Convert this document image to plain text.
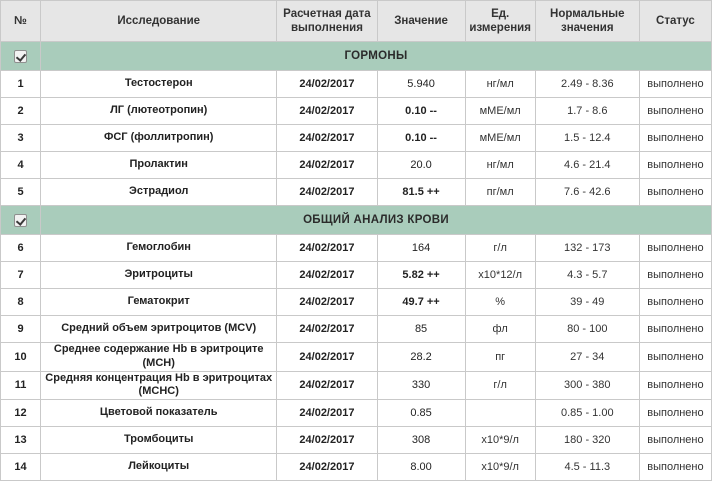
№	Исследование	Расчетная дата выполнения	Значение	Ед. измерения	Нормальные значения	Статус
	ГОРМОНЫ					
1	Тестостерон	24/02/2017	5.940	нг/мл	2.49 - 8.36	выполнено
2	ЛГ (лютеотропин)	24/02/2017	0.10 --	мМЕ/мл	1.7 - 8.6	выполнено
3	ФСГ (фоллитропин)	24/02/2017	0.10 --	мМЕ/мл	1.5 - 12.4	выполнено
4	Пролактин	24/02/2017	20.0	нг/мл	4.6 - 21.4	выполнено
5	Эстрадиол	24/02/2017	81.5 ++	пг/мл	7.6 - 42.6	выполнено
	ОБЩИЙ АНАЛИЗ КРОВИ					
6	Гемоглобин	24/02/2017	164	г/л	132 - 173	выполнено
7	Эритроциты	24/02/2017	5.82 ++	х10*12/л	4.3 - 5.7	выполнено
8	Гематокрит	24/02/2017	49.7 ++	%	39 - 49	выполнено
9	Средний объем эритроцитов (MCV)	24/02/2017	85	фл	80 - 100	выполнено
10	Среднее содержание Hb в эритроците (MCH)	24/02/2017	28.2	пг	27 - 34	выполнено
11	Средняя концентрация Hb в эритроцитах (MCHC)	24/02/2017	330	г/л	300 - 380	выполнено
12	Цветовой показатель	24/02/2017	0.85		0.85 - 1.00	выполнено
13	Тромбоциты	24/02/2017	308	х10*9/л	180 - 320	выполнено
14	Лейкоциты	24/02/2017	8.00	х10*9/л	4.5 - 11.3	выполнено
